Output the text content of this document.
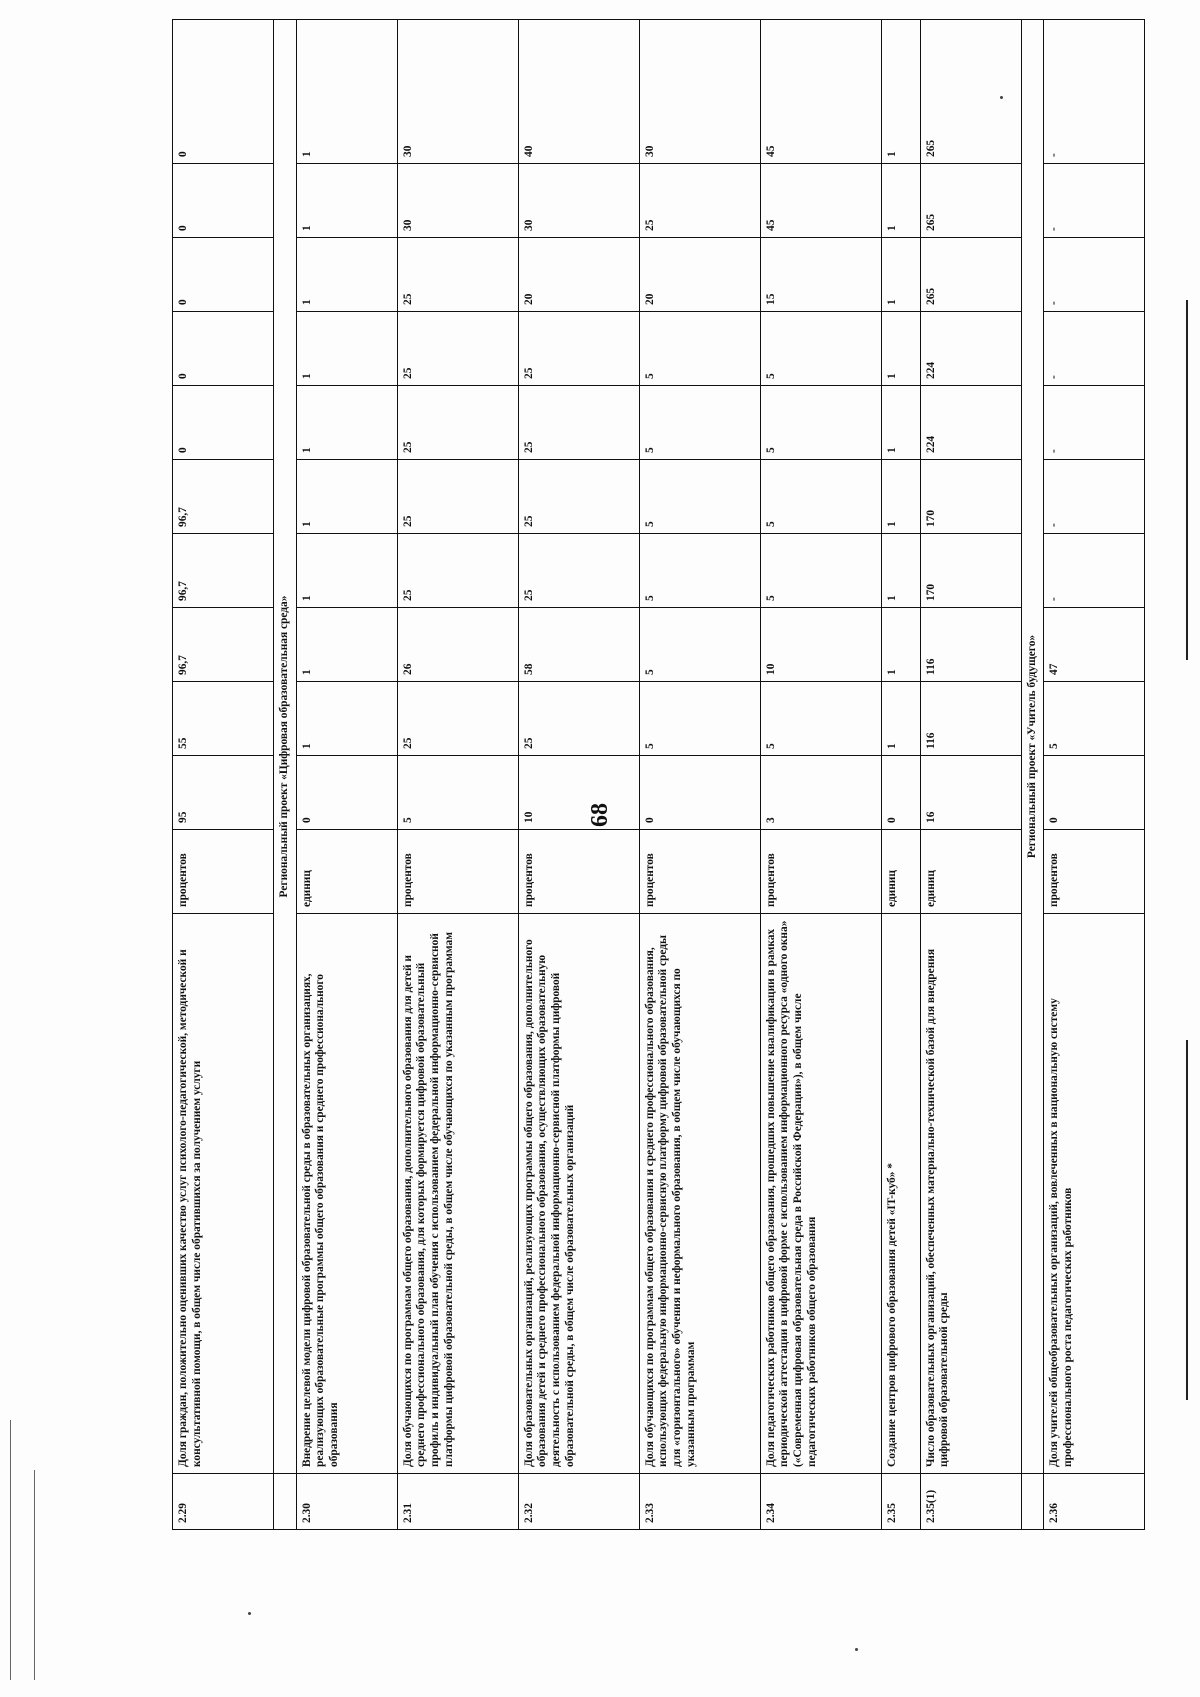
68
2.29	Доля граждан, положительно оценивших качество услуг психолого-педагогической, методической и консультативной помощи, в общем числе обратившихся за получением услуги	процентов	95	55	96,7	96,7	96,7	0	0	0	0	0
	Региональный проект «Цифровая образовательная среда»											
2.30	Внедрение целевой модели цифровой образовательной среды в образовательных организациях, реализующих образовательные программы общего образования и среднего профессионального образования	единиц	0	1	1	1	1	1	1	1	1	1
2.31	Доля обучающихся по программам общего образования, дополнительного образования для детей и среднего профессионального образования, для которых формируется цифровой образовательный профиль и индивидуальный план обучения с использованием федеральной информационно-сервисной платформы цифровой образовательной среды, в общем числе обучающихся по указанным программам	процентов	5	25	26	25	25	25	25	25	30	30
2.32	Доля образовательных организаций, реализующих программы общего образования, дополнительного образования детей и среднего профессионального образования, осуществляющих образовательную деятельность с использованием федеральной информационно-сервисной платформы цифровой образовательной среды, в общем числе образовательных организаций	процентов	10	25	58	25	25	25	25	20	30	40
2.33	Доля обучающихся по программам общего образования и среднего профессионального образования, использующих федеральную информационно-сервисную платформу цифровой образовательной среды для «горизонтального» обучения и неформального образования, в общем числе обучающихся по указанным программам	процентов	0	5	5	5	5	5	5	20	25	30
2.34	Доля педагогических работников общего образования, прошедших повышение квалификации в рамках периодической аттестации в цифровой форме с использованием информационного ресурса «одного окна» («Современная цифровая образовательная среда в Российской Федерации»), в общем числе педагогических работников общего образования	процентов	3	5	10	5	5	5	5	15	45	45
2.35	Создание центров цифрового образования детей «IT-куб» *	единиц	0	1	1	1	1	1	1	1	1	1
2.35(1)	Число образовательных организаций, обеспеченных материально-технической базой для внедрения цифровой образовательной среды	единиц	16	116	116	170	170	224	224	265	265	265
	Региональный проект «Учитель будущего»											
2.36	Доля учителей общеобразовательных организаций, вовлеченных в национальную систему профессионального роста педагогических работников	процентов	0	5	47	-	-	-	-	-	-	-
